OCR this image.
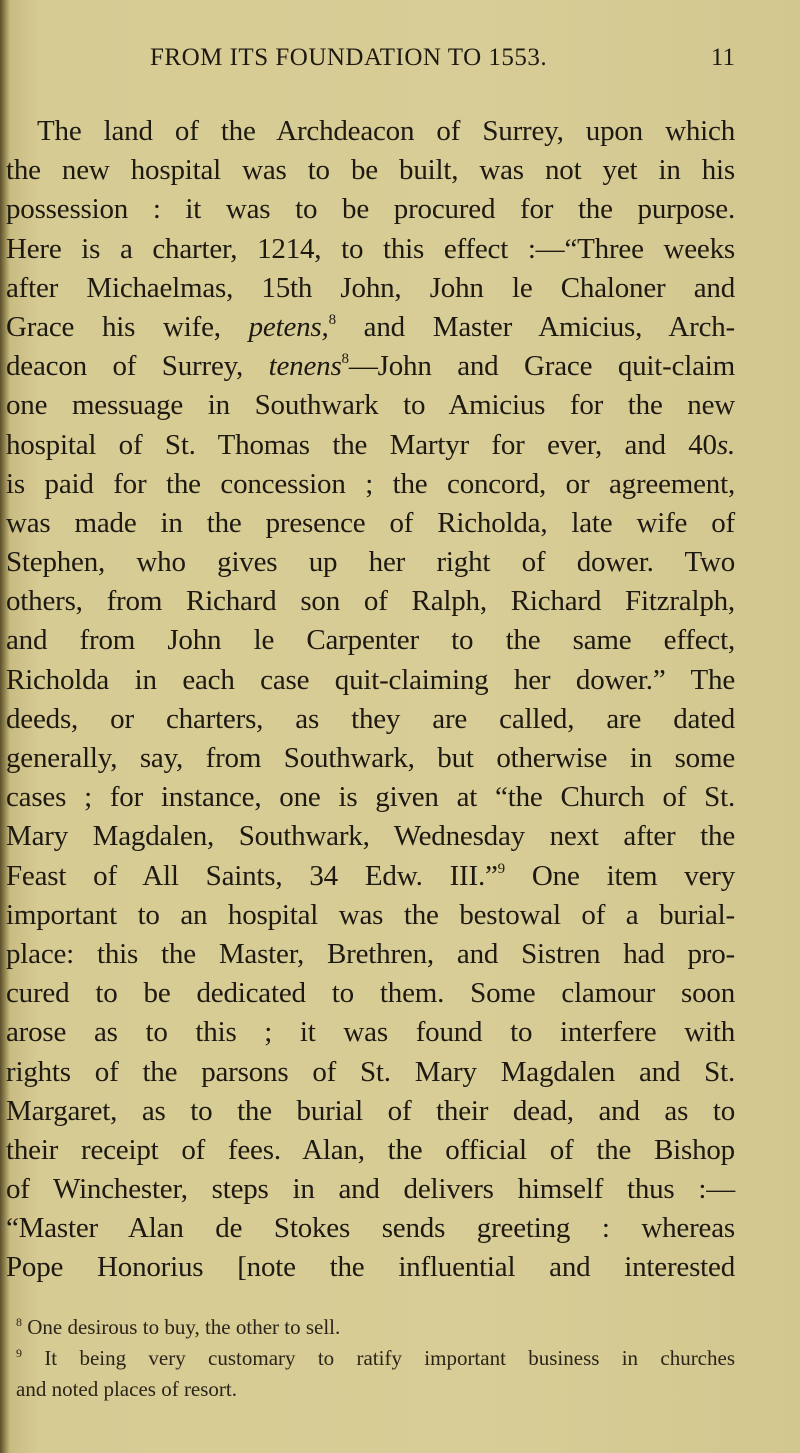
FROM ITS FOUNDATION TO 1553.	11
The land of the Archdeacon of Surrey, upon which
the new hospital was to be built, was not yet in his
possession : it was to be procured for the purpose.
Here is a charter, 1214, to this effect :—“Three weeks
after Michaelmas, 15th John, John le Chaloner and
Grace his wife, petens,$^8$ and Master Amicius, Arch-
deacon of Surrey, tenens$^8$—John and Grace quit-claim
one messuage in Southwark to Amicius for the new
hospital of St. Thomas the Martyr for ever, and 40s.
is paid for the concession ; the concord, or agreement,
was made in the presence of Richolda, late wife of
Stephen, who gives up her right of dower. Two
others, from Richard son of Ralph, Richard Fitzralph,
and from John le Carpenter to the same effect,
Richolda in each case quit-claiming her dower.” The
deeds, or charters, as they are called, are dated
generally, say, from Southwark, but otherwise in some
cases ; for instance, one is given at “the Church of St.
Mary Magdalen, Southwark, Wednesday next after the
Feast of All Saints, 34 Edw. III.”$^9$ One item very
important to an hospital was the bestowal of a burial-
place: this the Master, Brethren, and Sistren had pro-
cured to be dedicated to them. Some clamour soon
arose as to this ; it was found to interfere with
rights of the parsons of St. Mary Magdalen and St.
Margaret, as to the burial of their dead, and as to
their receipt of fees. Alan, the official of the Bishop
of Winchester, steps in and delivers himself thus :—
“Master Alan de Stokes sends greeting : whereas
Pope Honorius [note the influential and interested
$^8$ One desirous to buy, the other to sell.
$^9$ It being very customary to ratify important business in churches
and noted places of resort.
